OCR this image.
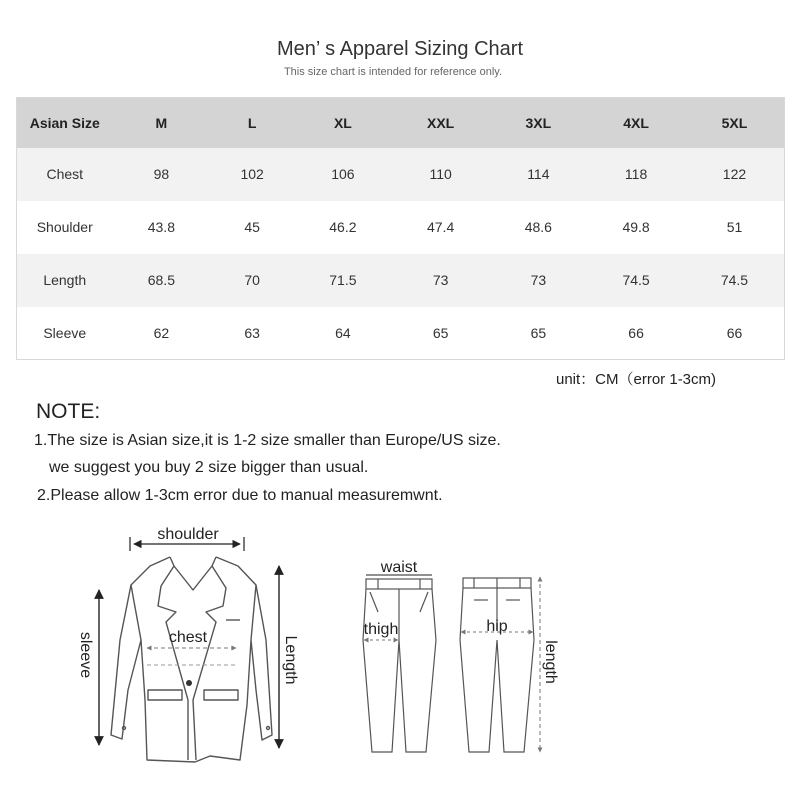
Men’ s Apparel Sizing Chart
This size chart is intended for reference only.
Asian Size	M	L	XL	XXL	3XL	4XL	5XL
Chest	98	102	106	110	114	118	122
Shoulder	43.8	45	46.2	47.4	48.6	49.8	51
Length	68.5	70	71.5	73	73	74.5	74.5
Sleeve	62	63	64	65	65	66	66
unit：CM（error 1-3cm)
NOTE:
1.The size is Asian size,it is 1-2 size smaller than Europe/US size.
we suggest you buy 2 size bigger than usual.
2.Please allow 1-3cm error due to manual measuremwnt.
shoulder
chest
sleeve	Length
waist
thigh	hip
length
